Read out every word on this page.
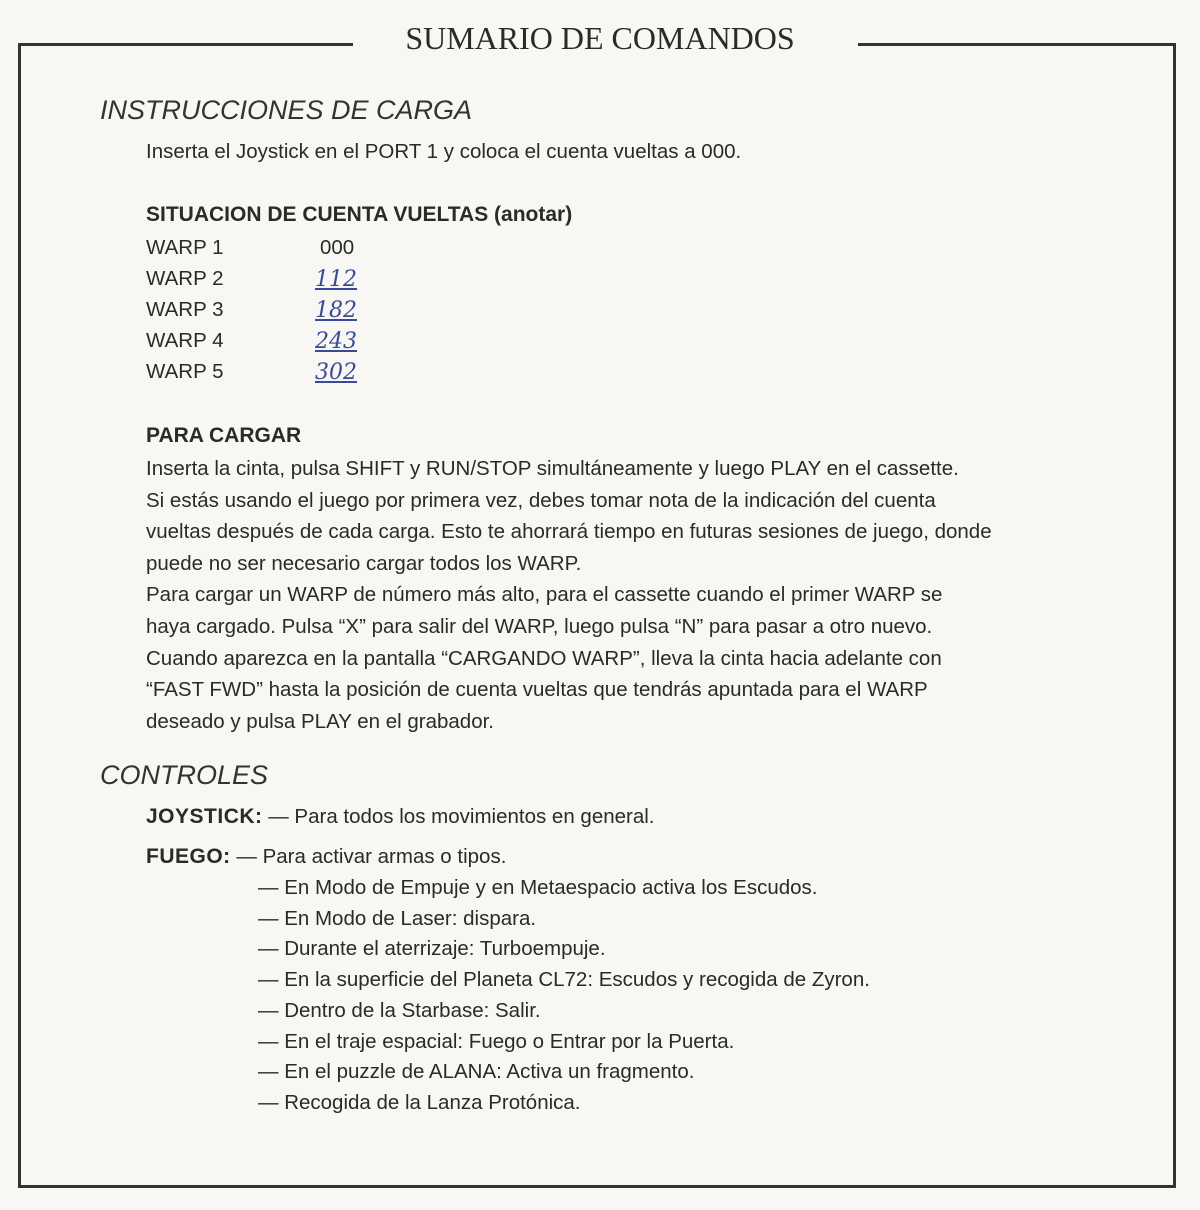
SUMARIO DE COMANDOS
INSTRUCCIONES DE CARGA
Inserta el Joystick en el PORT 1 y coloca el cuenta vueltas a 000.
SITUACION DE CUENTA VUELTAS (anotar)
PARA CARGAR
CONTROLES
JOYSTICK: — Para todos los movimientos en general.
FUEGO: — Para activar armas o tipos.
WARP 1	000
WARP 2	112
WARP 3	182
WARP 4	243
WARP 5	302
Inserta la cinta, pulsa SHIFT y RUN/STOP simultáneamente y luego PLAY en el cassette.
Si estás usando el juego por primera vez, debes tomar nota de la indicación del cuenta
vueltas después de cada carga. Esto te ahorrará tiempo en futuras sesiones de juego, donde
puede no ser necesario cargar todos los WARP.
Para cargar un WARP de número más alto, para el cassette cuando el primer WARP se
haya cargado. Pulsa “X” para salir del WARP, luego pulsa “N” para pasar a otro nuevo.
Cuando aparezca en la pantalla “CARGANDO WARP”, lleva la cinta hacia adelante con
“FAST FWD” hasta la posición de cuenta vueltas que tendrás apuntada para el WARP
deseado y pulsa PLAY en el grabador.
— En Modo de Empuje y en Metaespacio activa los Escudos.
— En Modo de Laser: dispara.
— Durante el aterrizaje: Turboempuje.
— En la superficie del Planeta CL72: Escudos y recogida de Zyron.
— Dentro de la Starbase: Salir.
— En el traje espacial: Fuego o Entrar por la Puerta.
— En el puzzle de ALANA: Activa un fragmento.
— Recogida de la Lanza Protónica.
